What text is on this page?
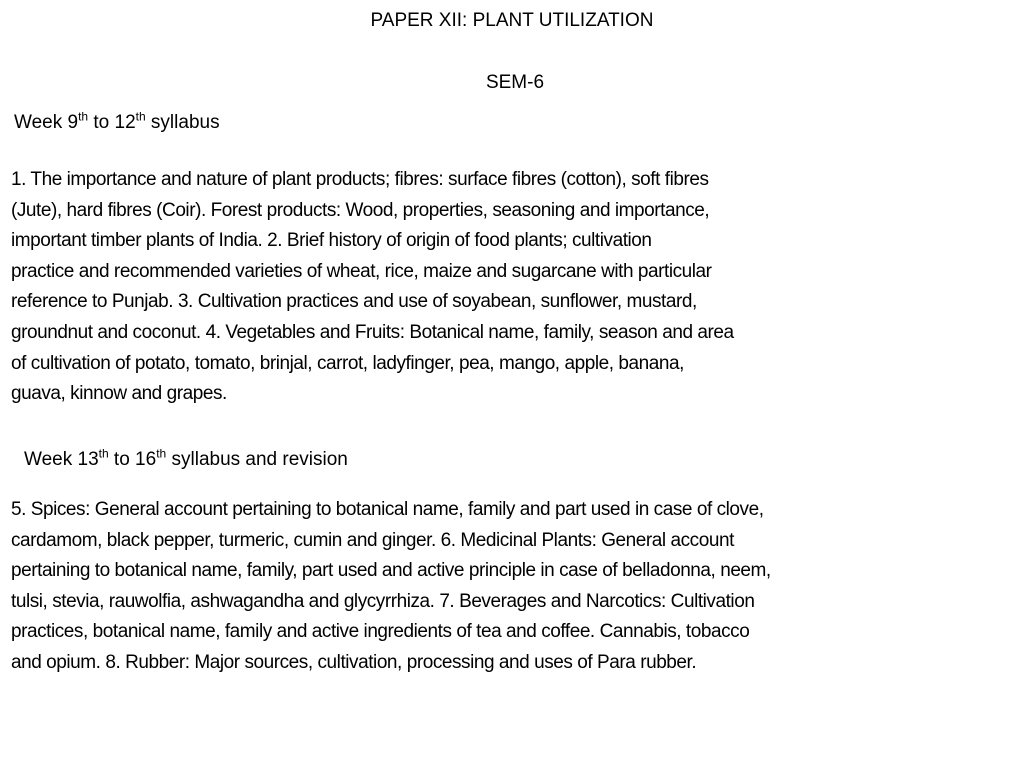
PAPER XII: PLANT UTILIZATION
SEM-6
Week 9th to 12th syllabus

1. The importance and nature of plant products; fibres: surface fibres (cotton), soft fibres
(Jute), hard fibres (Coir). Forest products: Wood, properties, seasoning and importance,
important timber plants of India. 2. Brief history of origin of food plants; cultivation
practice and recommended varieties of wheat, rice, maize and sugarcane with particular
reference to Punjab. 3. Cultivation practices and use of soyabean, sunflower, mustard,
groundnut and coconut. 4. Vegetables and Fruits: Botanical name, family, season and area
of cultivation of potato, tomato, brinjal, carrot, ladyfinger, pea, mango, apple, banana,
guava, kinnow and grapes.

Week 13th to 16th syllabus and revision

5. Spices: General account pertaining to botanical name, family and part used in case of clove,
cardamom, black pepper, turmeric, cumin and ginger. 6. Medicinal Plants: General account
pertaining to botanical name, family, part used and active principle in case of belladonna, neem,
tulsi, stevia, rauwolfia, ashwagandha and glycyrrhiza. 7. Beverages and Narcotics: Cultivation
practices, botanical name, family and active ingredients of tea and coffee. Cannabis, tobacco
and opium. 8. Rubber: Major sources, cultivation, processing and uses of Para rubber.
